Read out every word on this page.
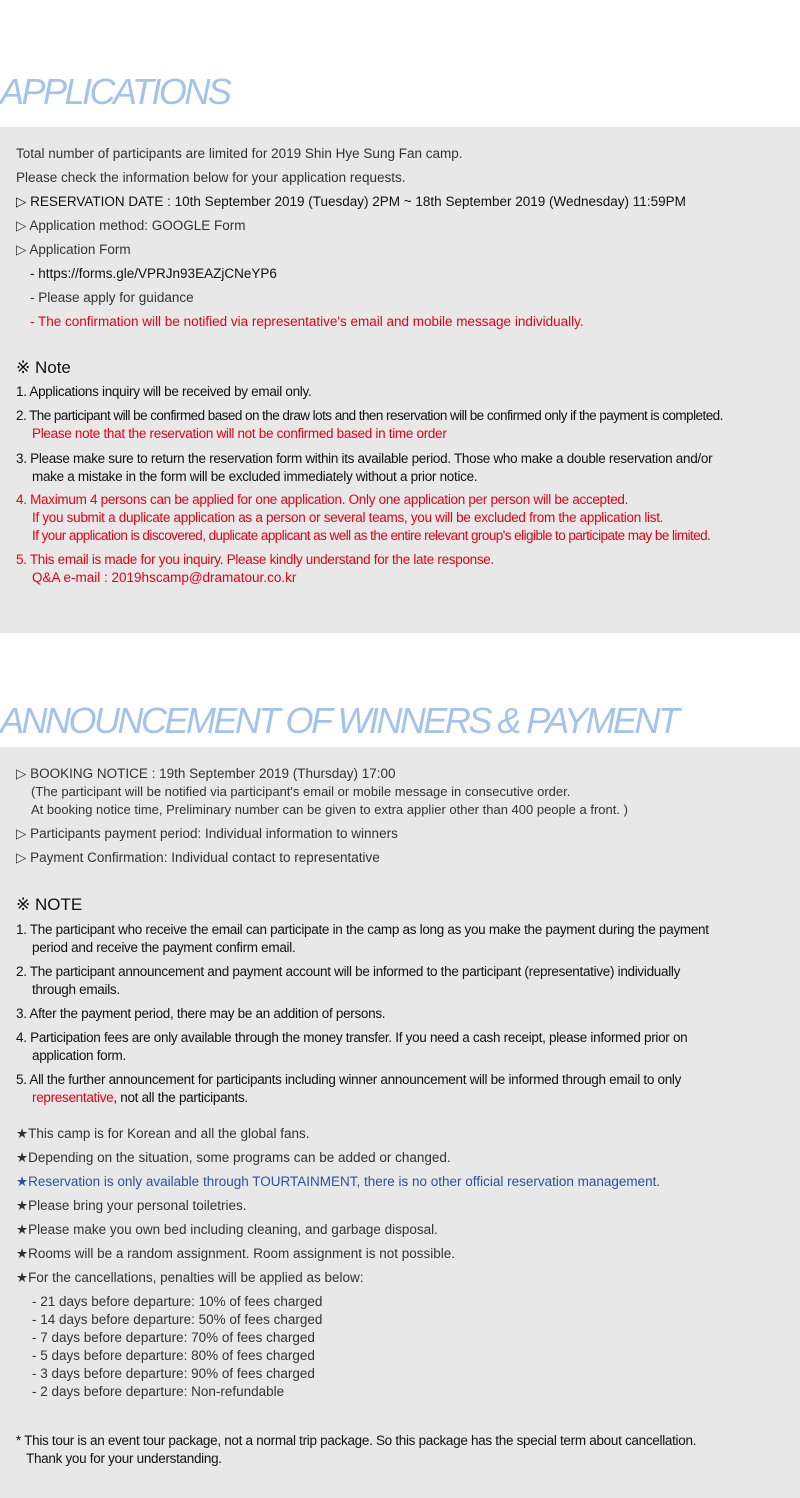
APPLICATIONS
Total number of participants are limited for 2019 Shin Hye Sung Fan camp.
Please check the information below for your application requests.
▷ RESERVATION DATE : 10th September 2019 (Tuesday) 2PM ~ 18th September 2019 (Wednesday) 11:59PM
▷ Application method: GOOGLE Form
▷ Application Form
- https://forms.gle/VPRJn93EAZjCNeYP6
- Please apply for guidance
- The confirmation will be notified via representative's email and mobile message individually.
※ Note
1. Applications inquiry will be received by email only.
2. The participant will be confirmed based on the draw lots and then reservation will be confirmed only if the payment is completed.
Please note that the reservation will not be confirmed based in time order
3. Please make sure to return the reservation form within its available period. Those who make a double reservation and/or
make a mistake in the form will be excluded immediately without a prior notice.
4. Maximum 4 persons can be applied for one application. Only one application per person will be accepted.
If you submit a duplicate application as a person or several teams, you will be excluded from the application list.
If your application is discovered, duplicate applicant as well as the entire relevant group's eligible to participate may be limited.
5. This email is made for you inquiry. Please kindly understand for the late response.
Q&A e-mail : 2019hscamp@dramatour.co.kr
ANNOUNCEMENT OF WINNERS & PAYMENT
▷ BOOKING NOTICE : 19th September 2019 (Thursday) 17:00
(The participant will be notified via participant's email or mobile message in consecutive order.
At booking notice time, Preliminary number can be given to extra applier other than 400 people a front. )
▷ Participants payment period: Individual information to winners
▷ Payment Confirmation: Individual contact to representative
※ NOTE
1. The participant who receive the email can participate in the camp as long as you make the payment during the payment
period and receive the payment confirm email.
2. The participant announcement and payment account will be informed to the participant (representative) individually
through emails.
3. After the payment period, there may be an addition of persons.
4. Participation fees are only available through the money transfer. If you need a cash receipt, please informed prior on
application form.
5. All the further announcement for participants including winner announcement will be informed through email to only
representative, not all the participants.
★This camp is for Korean and all the global fans.
★Depending on the situation, some programs can be added or changed.
★Reservation is only available through TOURTAINMENT, there is no other official reservation management.
★Please bring your personal toiletries.
★Please make you own bed including cleaning, and garbage disposal.
★Rooms will be a random assignment. Room assignment is not possible.
★For the cancellations, penalties will be applied as below:
- 21 days before departure: 10% of fees charged
- 14 days before departure: 50% of fees charged
- 7 days before departure: 70% of fees charged
- 5 days before departure: 80% of fees charged
- 3 days before departure: 90% of fees charged
- 2 days before departure: Non-refundable
* This tour is an event tour package, not a normal trip package. So this package has the special term about cancellation.
Thank you for your understanding.
